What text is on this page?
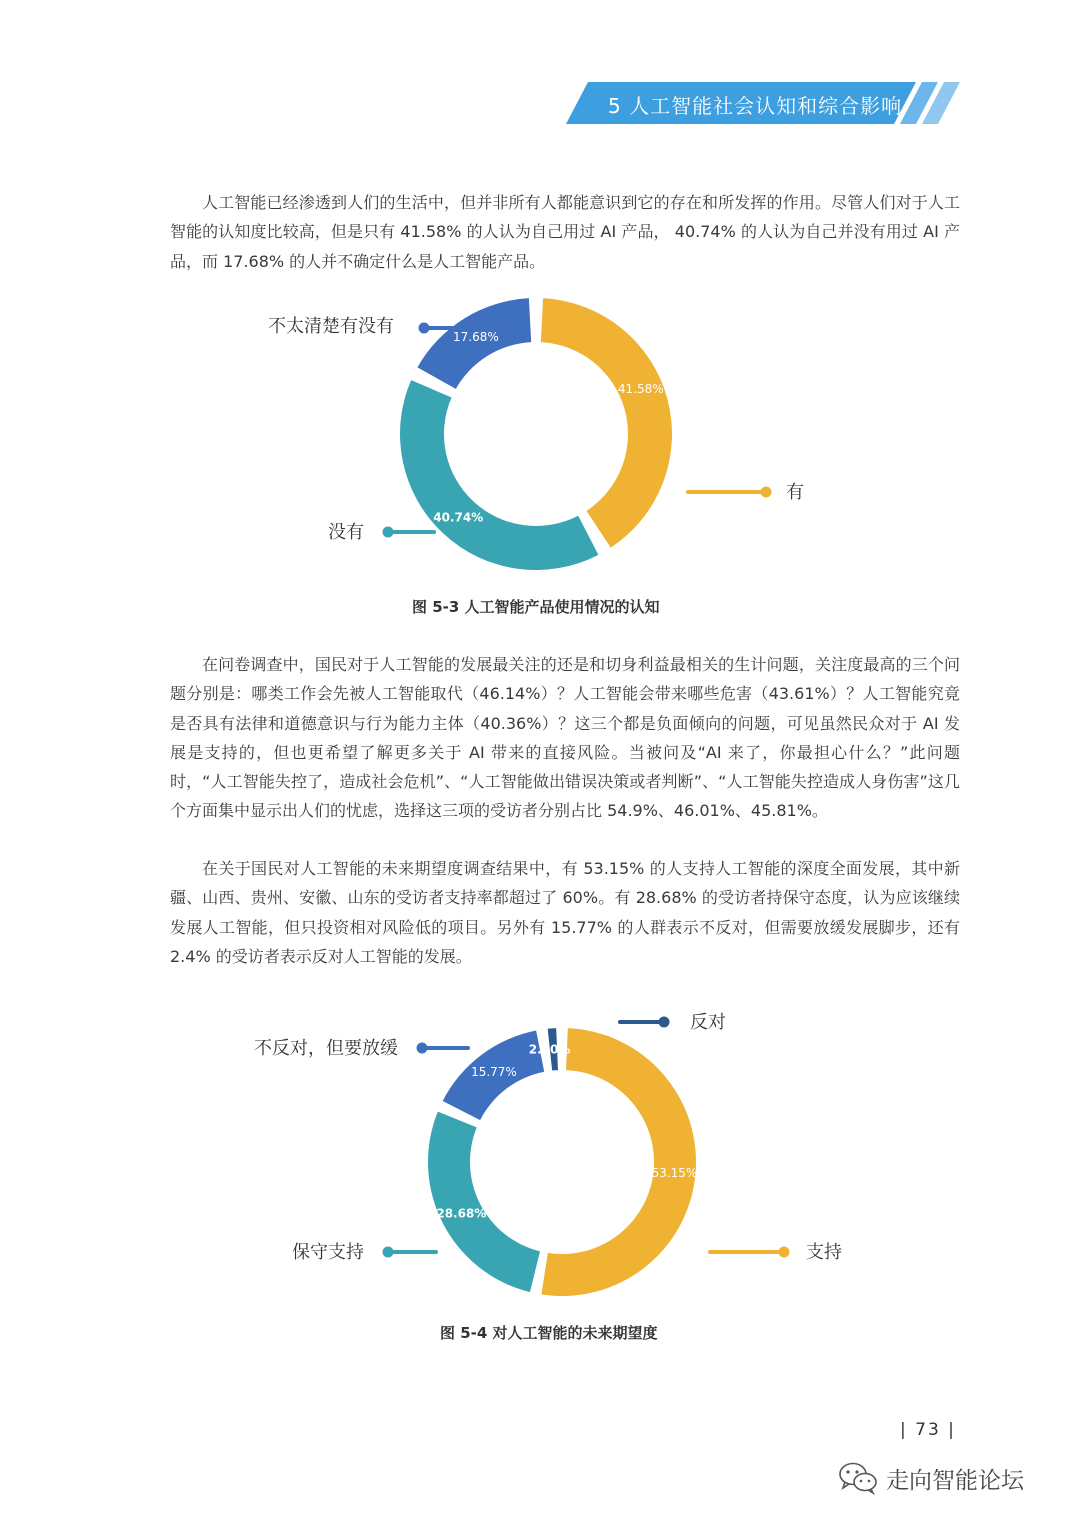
5 人工智能社会认知和综合影响

人工智能已经渗透到人们的生活中，但并非所有人都能意识到它的存在和所发挥的作用。尽管人们对于人工智能的认知度比较高，但是只有 41.58% 的人认为自己用过 AI 产品， 40.74% 的人认为自己并没有用过 AI 产品，而 17.68% 的人并不确定什么是人工智能产品。

41.58%
有
40.74%
没有
17.68%
不太清楚有没有
图 5-3 人工智能产品使用情况的认知

在问卷调查中，国民对于人工智能的发展最关注的还是和切身利益最相关的生计问题，关注度最高的三个问题分别是：哪类工作会先被人工智能取代（46.14%）？人工智能会带来哪些危害（43.61%）？人工智能究竟是否具有法律和道德意识与行为能力主体（40.36%）？这三个都是负面倾向的问题，可见虽然民众对于 AI 发展是支持的，但也更希望了解更多关于 AI 带来的直接风险。当被问及“AI 来了，你最担心什么？”此问题时，“人工智能失控了，造成社会危机”、“人工智能做出错误决策或者判断”、“人工智能失控造成人身伤害”这几个方面集中显示出人们的忧虑，选择这三项的受访者分别占比 54.9%、46.01%、45.81%。

在关于国民对人工智能的未来期望度调查结果中，有 53.15% 的人支持人工智能的深度全面发展，其中新疆、山西、贵州、安徽、山东的受访者支持率都超过了 60%。有 28.68% 的受访者持保守态度，认为应该继续发展人工智能，但只投资相对风险低的项目。另外有 15.77% 的人群表示不反对，但需要放缓发展脚步，还有 2.4% 的受访者表示反对人工智能的发展。

53.15%
支持
28.68%
保守支持
15.77%
不反对，但要放缓	2.40%
反对
图 5-4 对人工智能的未来期望度
| 73 |
走向智能论坛
